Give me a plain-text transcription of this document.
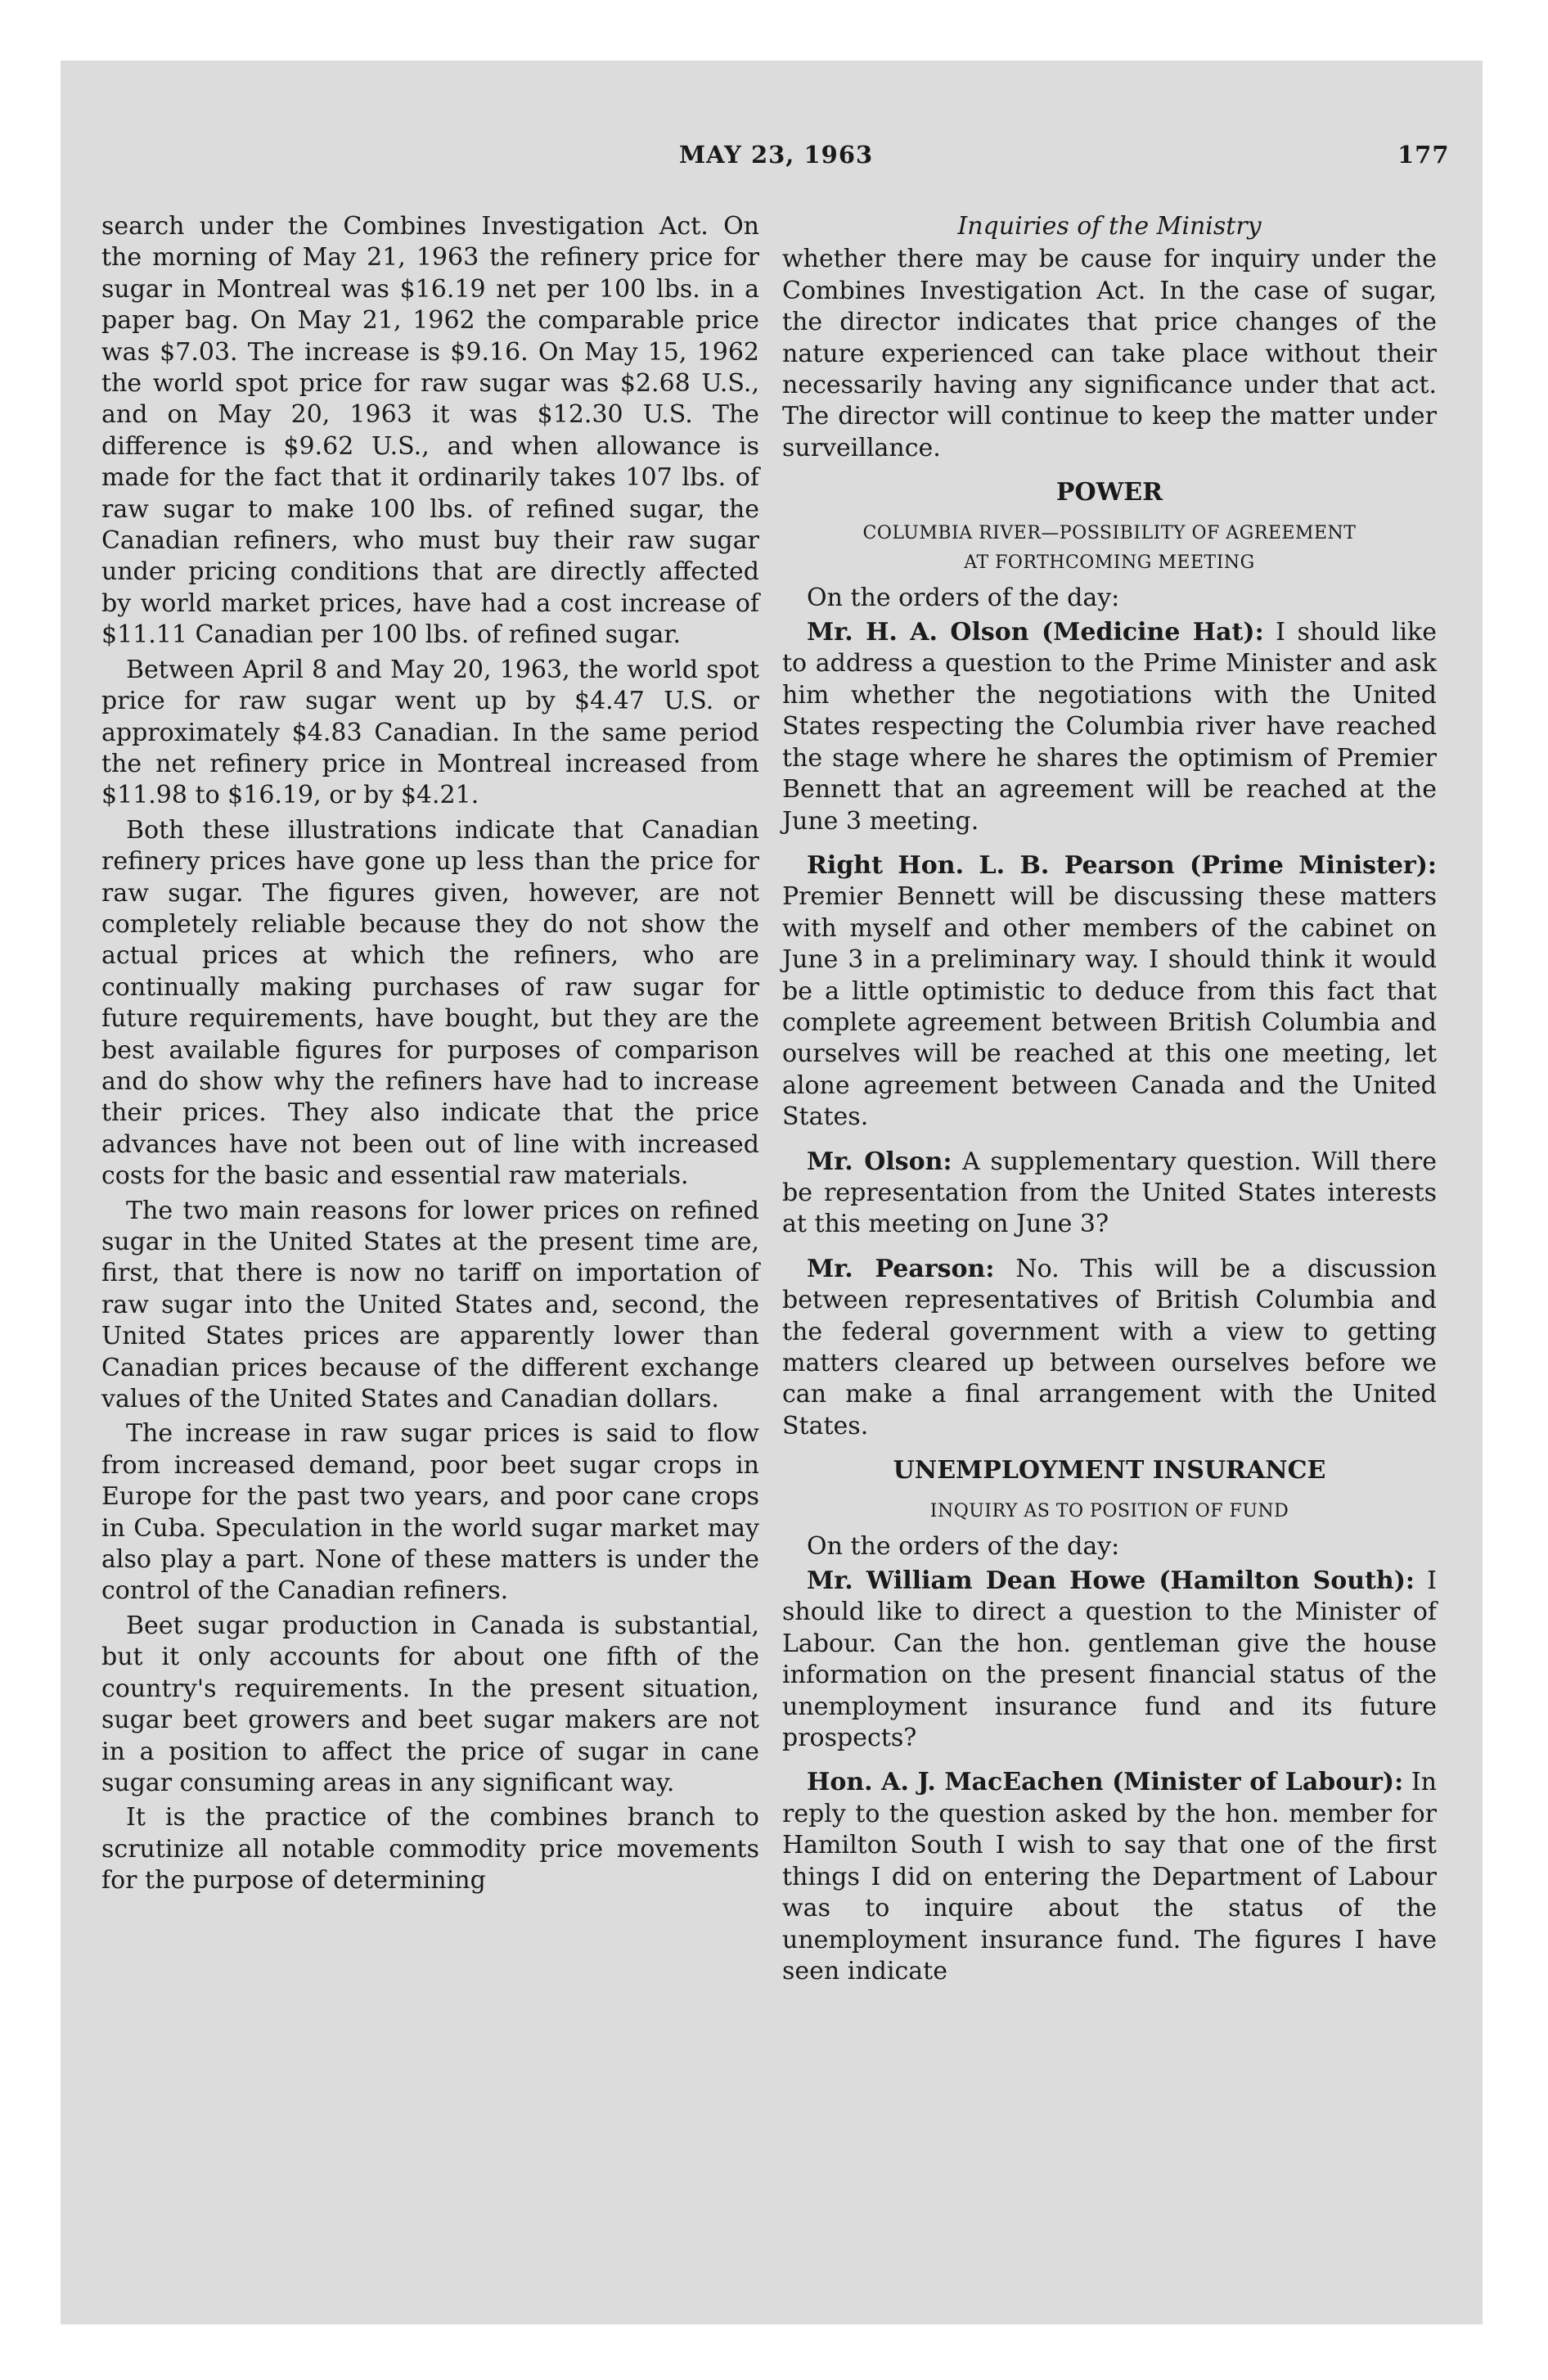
MAY 23, 1963	177

search under the Combines Investigation Act. On the morning of May 21, 1963 the refinery price for sugar in Montreal was $16.19 net per 100 lbs. in a paper bag. On May 21, 1962 the comparable price was $7.03. The increase is $9.16. On May 15, 1962 the world spot price for raw sugar was $2.68 U.S., and on May 20, 1963 it was $12.30 U.S. The difference is $9.62 U.S., and when allowance is made for the fact that it ordinarily takes 107 lbs. of raw sugar to make 100 lbs. of refined sugar, the Canadian refiners, who must buy their raw sugar under pricing conditions that are directly affected by world market prices, have had a cost increase of $11.11 Canadian per 100 lbs. of refined sugar.

Between April 8 and May 20, 1963, the world spot price for raw sugar went up by $4.47 U.S. or approximately $4.83 Canadian. In the same period the net refinery price in Montreal increased from $11.98 to $16.19, or by $4.21.

Both these illustrations indicate that Canadian refinery prices have gone up less than the price for raw sugar. The figures given, however, are not completely reliable because they do not show the actual prices at which the refiners, who are continually making purchases of raw sugar for future requirements, have bought, but they are the best available figures for purposes of comparison and do show why the refiners have had to increase their prices. They also indicate that the price advances have not been out of line with increased costs for the basic and essential raw materials.

The two main reasons for lower prices on refined sugar in the United States at the present time are, first, that there is now no tariff on importation of raw sugar into the United States and, second, the United States prices are apparently lower than Canadian prices because of the different exchange values of the United States and Canadian dollars.

The increase in raw sugar prices is said to flow from increased demand, poor beet sugar crops in Europe for the past two years, and poor cane crops in Cuba. Speculation in the world sugar market may also play a part. None of these matters is under the control of the Canadian refiners.

Beet sugar production in Canada is substantial, but it only accounts for about one fifth of the country's requirements. In the present situation, sugar beet growers and beet sugar makers are not in a position to affect the price of sugar in cane sugar consuming areas in any significant way.

It is the practice of the combines branch to scrutinize all notable commodity price movements for the purpose of determining

Inquiries of the Ministry

whether there may be cause for inquiry under the Combines Investigation Act. In the case of sugar, the director indicates that price changes of the nature experienced can take place without their necessarily having any significance under that act. The director will continue to keep the matter under surveillance.

POWER
COLUMBIA RIVER—POSSIBILITY OF AGREEMENT
AT FORTHCOMING MEETING

On the orders of the day:

Mr. H. A. Olson (Medicine Hat): I should like to address a question to the Prime Minister and ask him whether the negotiations with the United States respecting the Columbia river have reached the stage where he shares the optimism of Premier Bennett that an agreement will be reached at the June 3 meeting.

Right Hon. L. B. Pearson (Prime Minister): Premier Bennett will be discussing these matters with myself and other members of the cabinet on June 3 in a preliminary way. I should think it would be a little optimistic to deduce from this fact that complete agreement between British Columbia and ourselves will be reached at this one meeting, let alone agreement between Canada and the United States.

Mr. Olson: A supplementary question. Will there be representation from the United States interests at this meeting on June 3?

Mr. Pearson: No. This will be a discussion between representatives of British Columbia and the federal government with a view to getting matters cleared up between ourselves before we can make a final arrangement with the United States.

UNEMPLOYMENT INSURANCE
INQUIRY AS TO POSITION OF FUND

On the orders of the day:

Mr. William Dean Howe (Hamilton South): I should like to direct a question to the Minister of Labour. Can the hon. gentleman give the house information on the present financial status of the unemployment insurance fund and its future prospects?

Hon. A. J. MacEachen (Minister of Labour): In reply to the question asked by the hon. member for Hamilton South I wish to say that one of the first things I did on entering the Department of Labour was to inquire about the status of the unemployment insurance fund. The figures I have seen indicate
